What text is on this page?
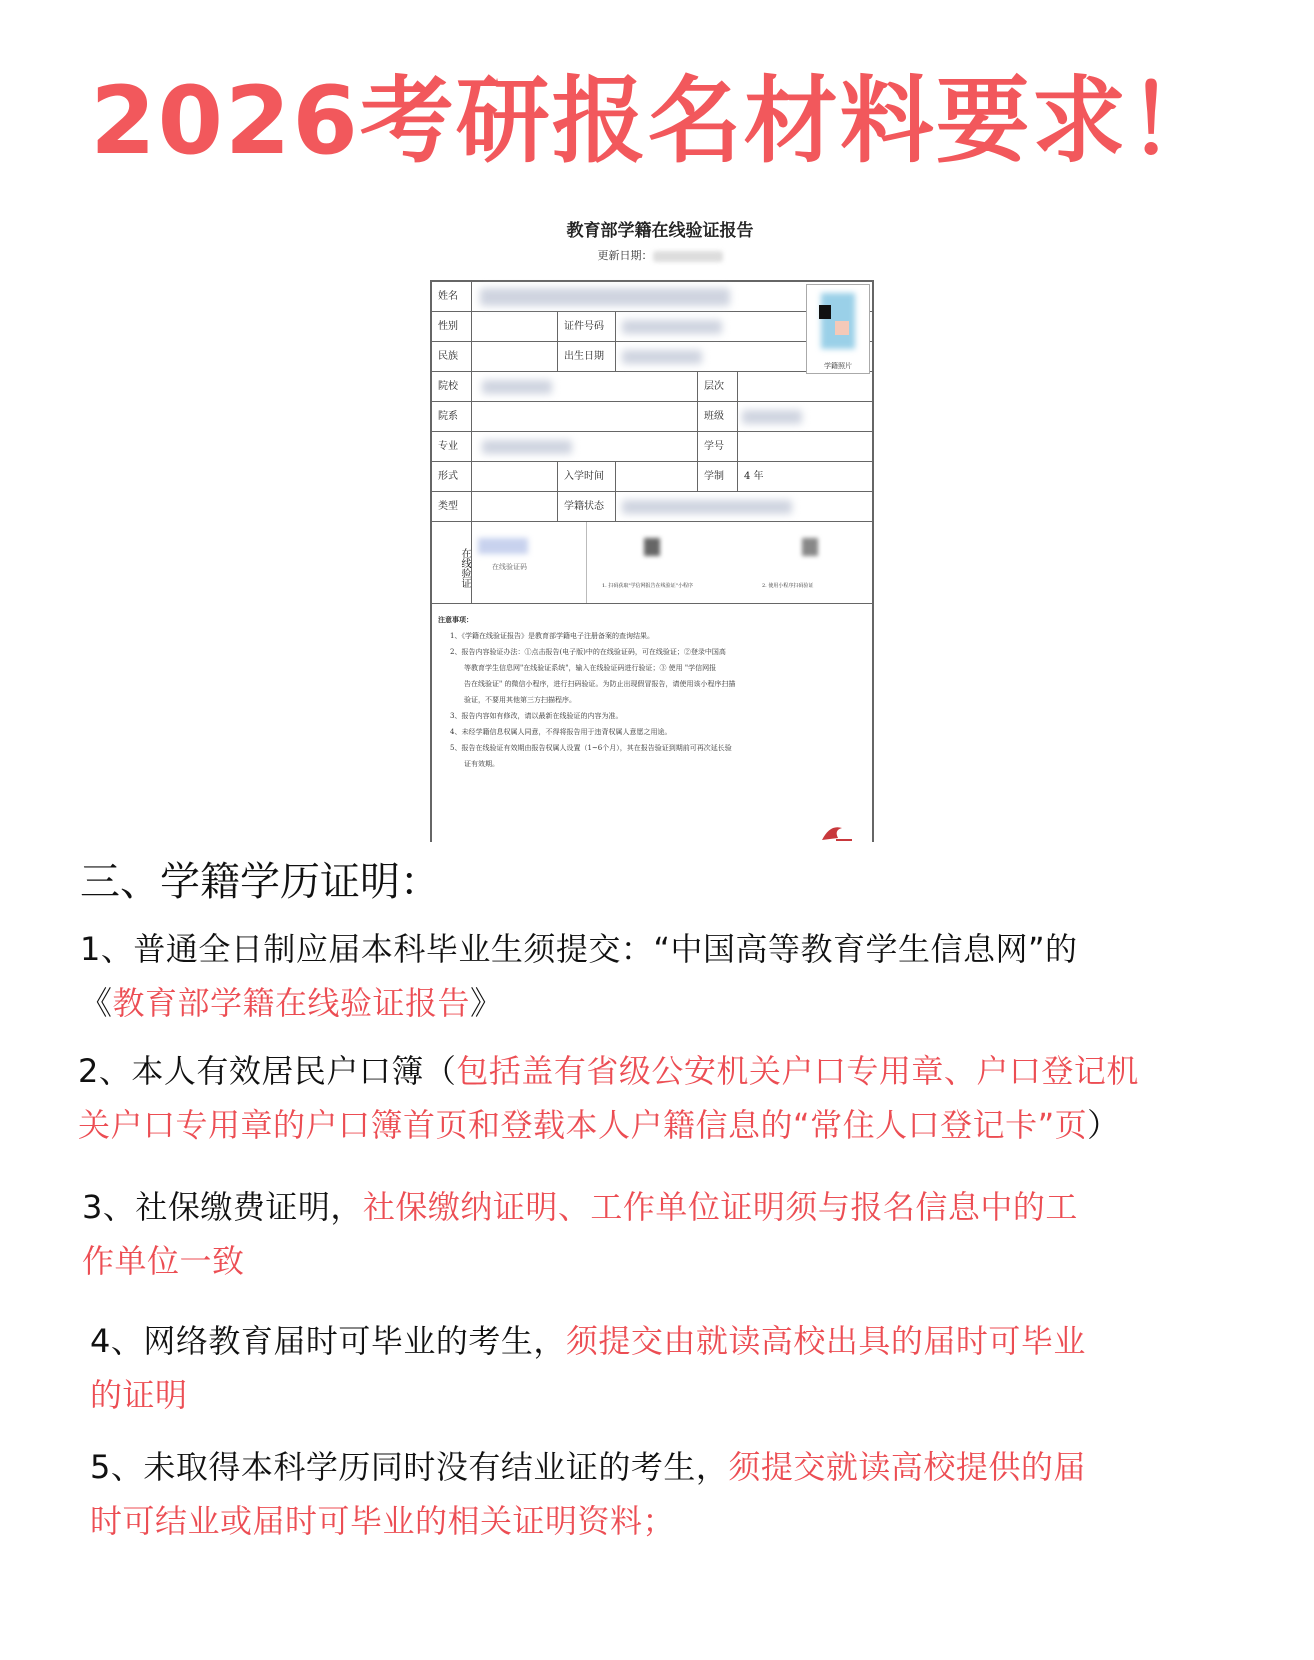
2026考研报名材料要求！
教育部学籍在线验证报告
更新日期：
姓名
性别	证件号码
民族	出生日期
院校	层次
院系	班级
专业	学号
形式	入学时间	学制	4 年
类型	学籍状态
学籍照片
在线验证	在线验证码
1. 扫码获取"学信网报告在线验证"小程序	2. 使用小程序扫码验证
注意事项：
1、《学籍在线验证报告》是教育部学籍电子注册备案的查询结果。
2、报告内容验证办法：①点击报告(电子版)中的在线验证码，可在线验证；②登录中国高
等教育学生信息网"在线验证系统"，输入在线验证码进行验证；③ 使用 "学信网报
告在线验证" 的微信小程序，进行扫码验证。为防止出现假冒报告，请使用该小程序扫描
验证，不要用其他第三方扫描程序。
3、报告内容如有修改，请以最新在线验证的内容为准。
4、未经学籍信息权属人同意，不得将报告用于违背权属人意愿之用途。
5、报告在线验证有效期由报告权属人设置（1~6个月），其在报告验证到期前可再次延长验
证有效期。
三、学籍学历证明：
1、普通全日制应届本科毕业生须提交：“中国高等教育学生信息网”的
《教育部学籍在线验证报告》
2、本人有效居民户口簿（包括盖有省级公安机关户口专用章、户口登记机
关户口专用章的户口簿首页和登载本人户籍信息的“常住人口登记卡”页）
3、社保缴费证明，社保缴纳证明、工作单位证明须与报名信息中的工
作单位一致
4、网络教育届时可毕业的考生，须提交由就读高校出具的届时可毕业
的证明
5、未取得本科学历同时没有结业证的考生，须提交就读高校提供的届
时可结业或届时可毕业的相关证明资料；
